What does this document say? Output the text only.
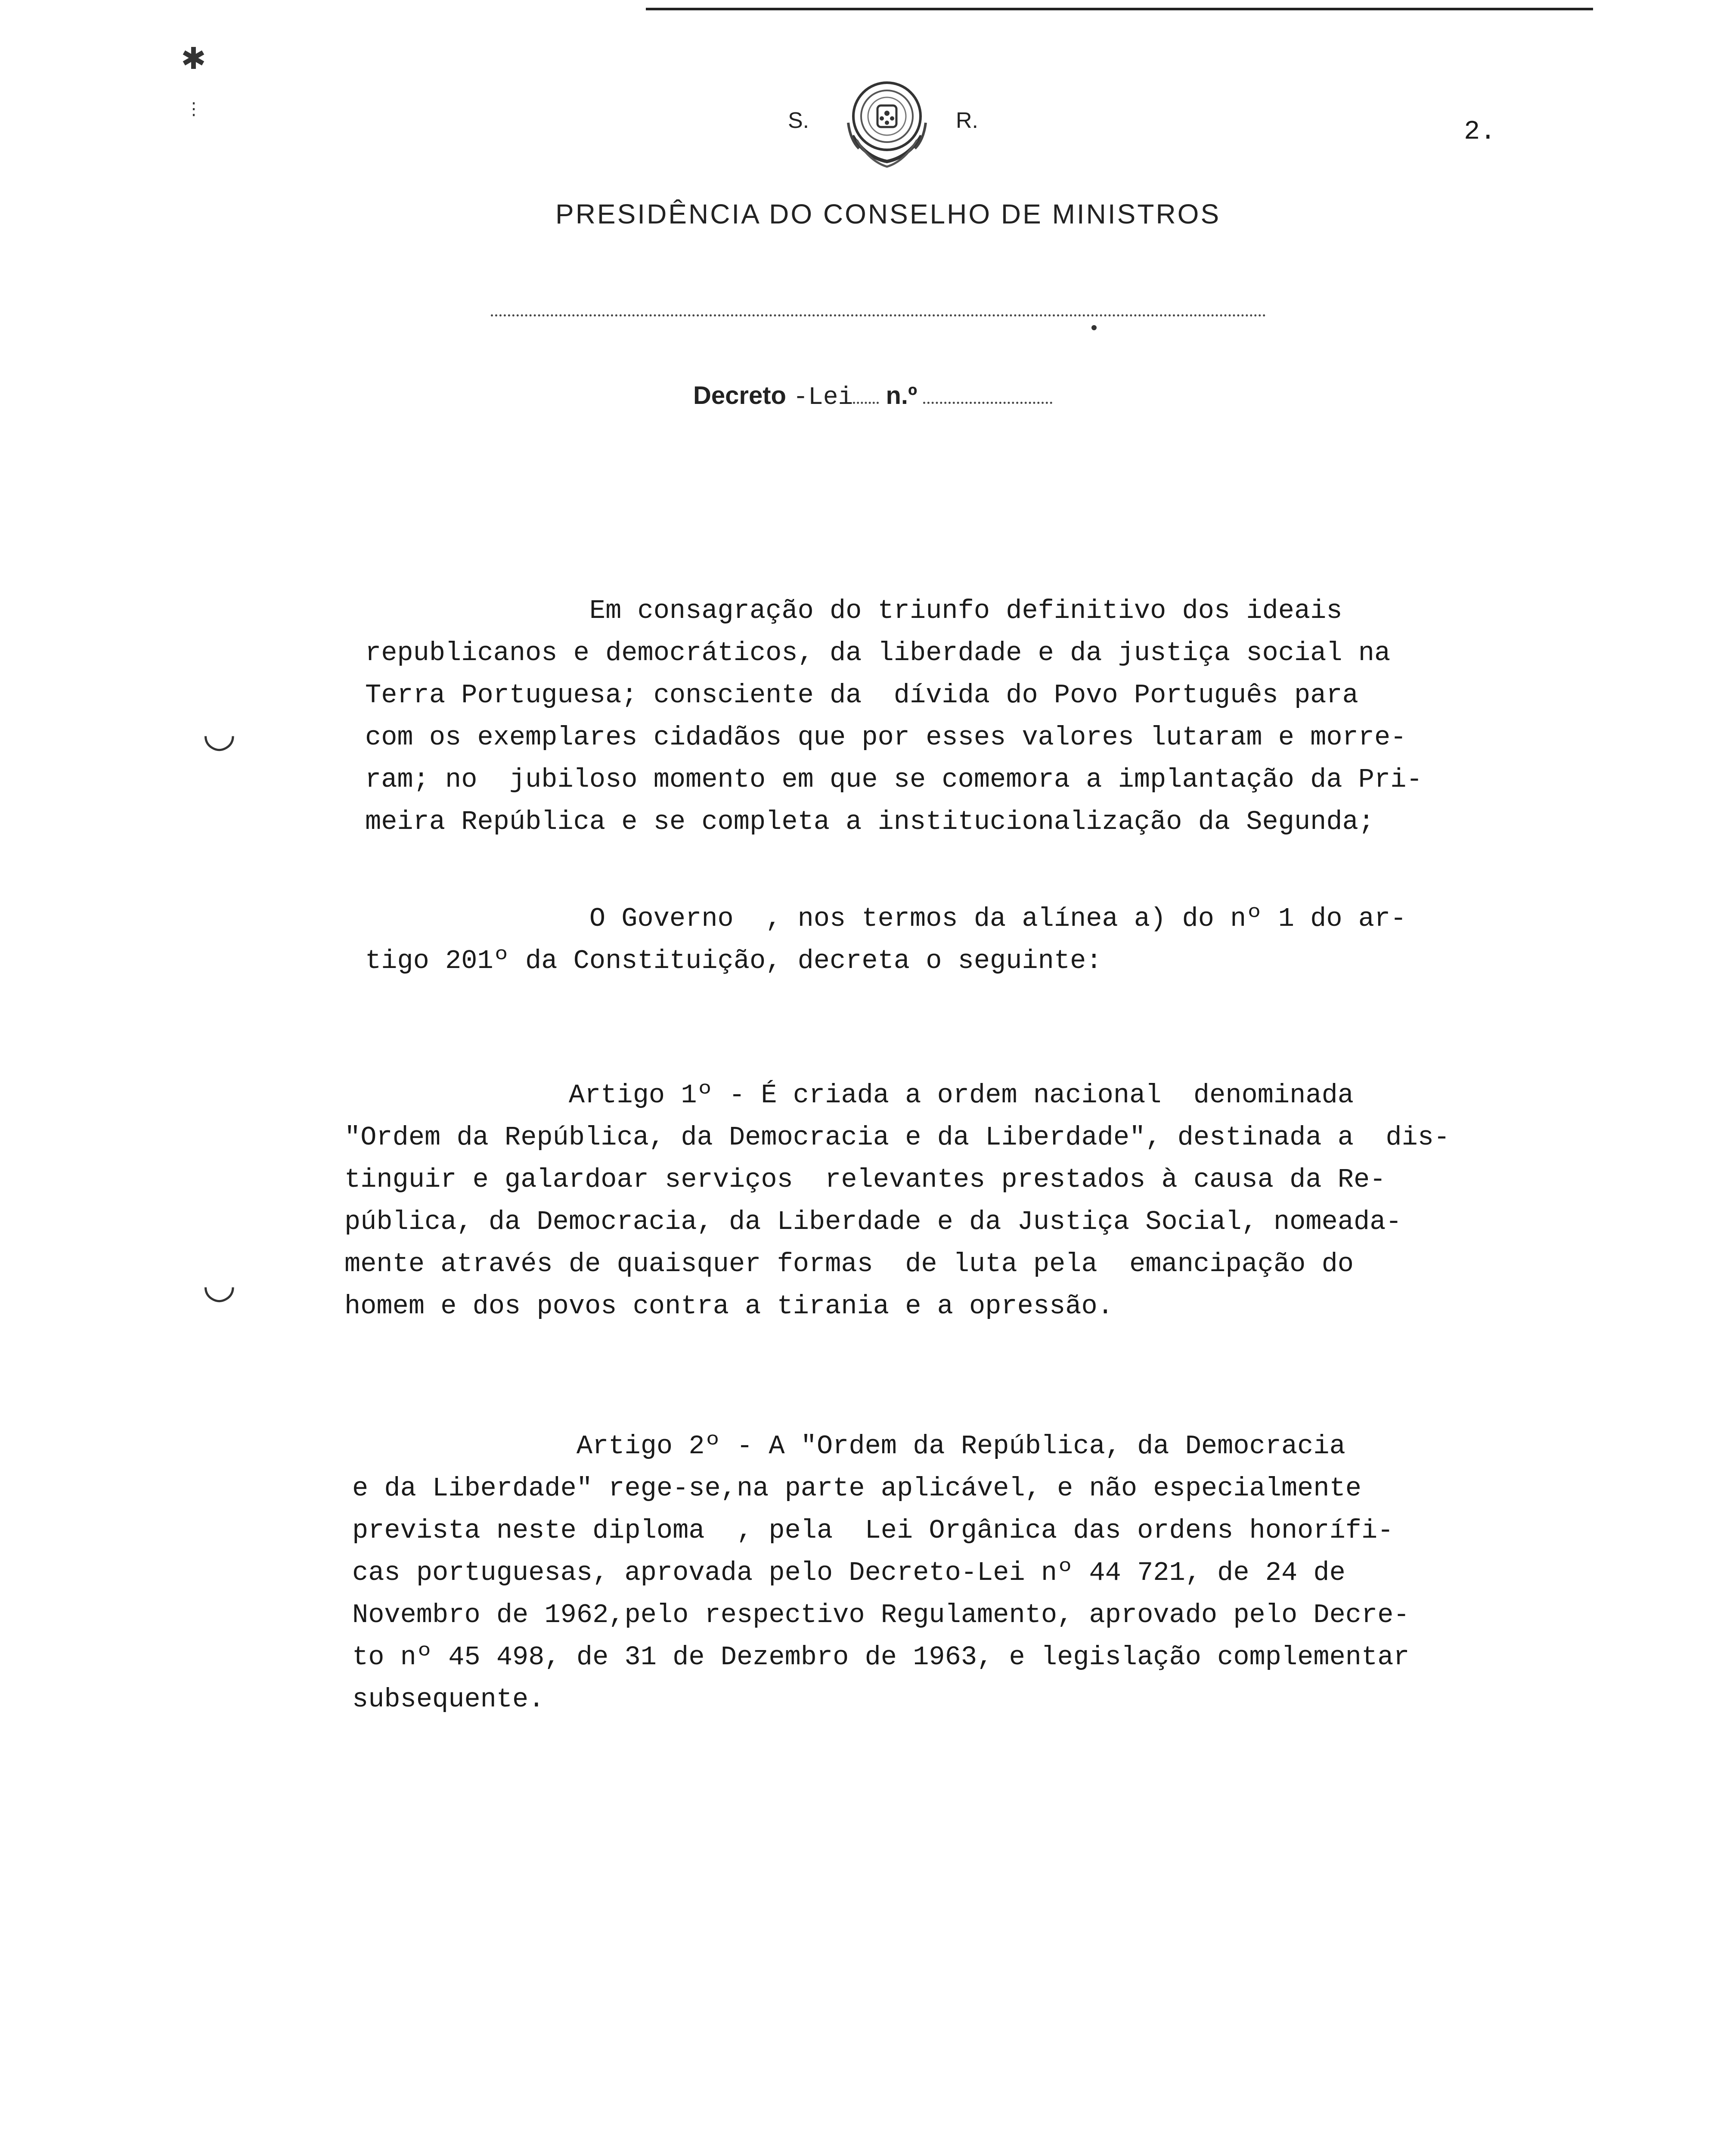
✱
⋮
◡
◡
S.	R.	2.
PRESIDÊNCIA DO CONSELHO DE MINISTROS
Decreto -Lei n.º
Em consagração do triunfo definitivo dos ideais
republicanos e democráticos, da liberdade e da justiça social na
Terra Portuguesa; consciente da  dívida do Povo Português para
com os exemplares cidadãos que por esses valores lutaram e morre-
ram; no  jubiloso momento em que se comemora a implantação da Pri-
meira República e se completa a institucionalização da Segunda;
O Governo  , nos termos da alínea a) do nº 1 do ar-
tigo 201º da Constituição, decreta o seguinte:
Artigo 1º - É criada a ordem nacional  denominada
"Ordem da República, da Democracia e da Liberdade", destinada a  dis-
tinguir e galardoar serviços  relevantes prestados à causa da Re-
pública, da Democracia, da Liberdade e da Justiça Social, nomeada-
mente através de quaisquer formas  de luta pela  emancipação do
homem e dos povos contra a tirania e a opressão.
Artigo 2º - A "Ordem da República, da Democracia
e da Liberdade" rege-se,na parte aplicável, e não especialmente
prevista neste diploma  , pela  Lei Orgânica das ordens honorífi-
cas portuguesas, aprovada pelo Decreto-Lei nº 44 721, de 24 de
Novembro de 1962,pelo respectivo Regulamento, aprovado pelo Decre-
to nº 45 498, de 31 de Dezembro de 1963, e legislação complementar
subsequente.
